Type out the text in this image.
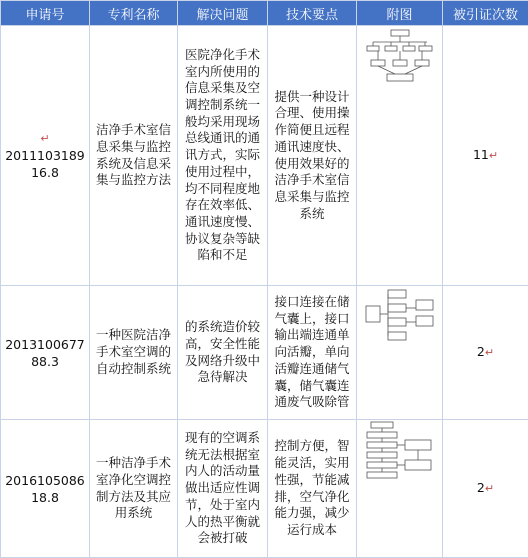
申请号	专利名称	解决问题	技术要点	附图	被引证次数

↵
201110318916.8	洁净手术室信息采集与监控系统及信息采集与监控方法	医院净化手术室内所使用的信息采集及空调控制系统一般均采用现场总线通讯的通讯方式，实际使用过程中，均不同程度地存在效率低、通讯速度慢、协议复杂等缺陷和不足	提供一种设计合理、使用操作简便且远程通讯速度快、使用效果好的洁净手术室信息采集与监控系统		11↵
201310067788.3	一种医院洁净手术室空调的自动控制系统	的系统造价较高，安全性能及网络升级中急待解决	接口连接在储气囊上，接口输出端连通单向活瓣，单向活瓣连通储气囊，储气囊连通废气吸除管		2↵
201610508618.8	一种洁净手术室净化空调控制方法及其应用系统	现有的空调系统无法根据室内人的活动量做出适应性调节，处于室内人的热平衡就会被打破	控制方便，智能灵活，实用性强，节能减排，空气净化能力强，减少运行成本		2↵
